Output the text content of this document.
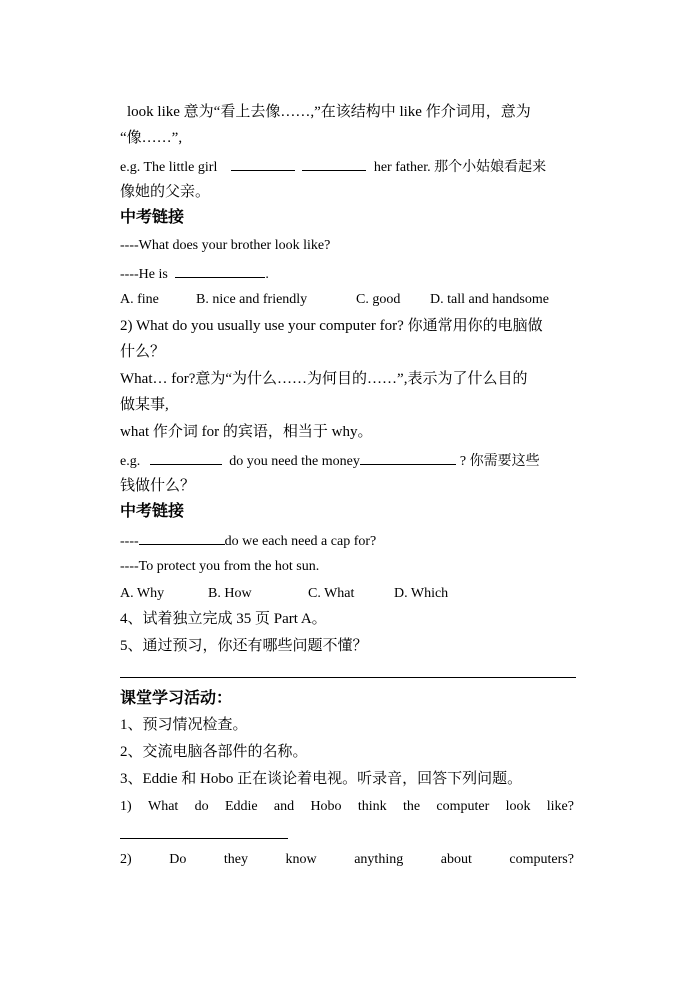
look like 意为“看上去像……,”在该结构中 like 作介词用，意为
“像……”,
e.g. The little girl	her father. 那个小姑娘看起来
像她的父亲。
中考链接
----What does your brother look like?
----He is	.
A. fine	B. nice and friendly	C. good D. tall and handsome
2) What do you usually use your computer for? 你通常用你的电脑做
什么？
What… for?意为“为什么……为何目的……”,表示为了什么目的
做某事,
what 作介词 for 的宾语，相当于 why。
e.g.	do you need the money	? 你需要这些
钱做什么？
中考链接
----	do we each need a cap for?
----To protect you from the hot sun.
A. Why	B. How	C. What	D. Which
4、试着独立完成 35 页 Part A。
5、通过预习，你还有哪些问题不懂？
课堂学习活动：
1、预习情况检查。
2、交流电脑各部件的名称。
3、Eddie 和 Hobo 正在谈论着电视。听录音，回答下列问题。
1) What do Eddie and Hobo think the computer look like?
2)	Do	they	know	anything	about	computers?
